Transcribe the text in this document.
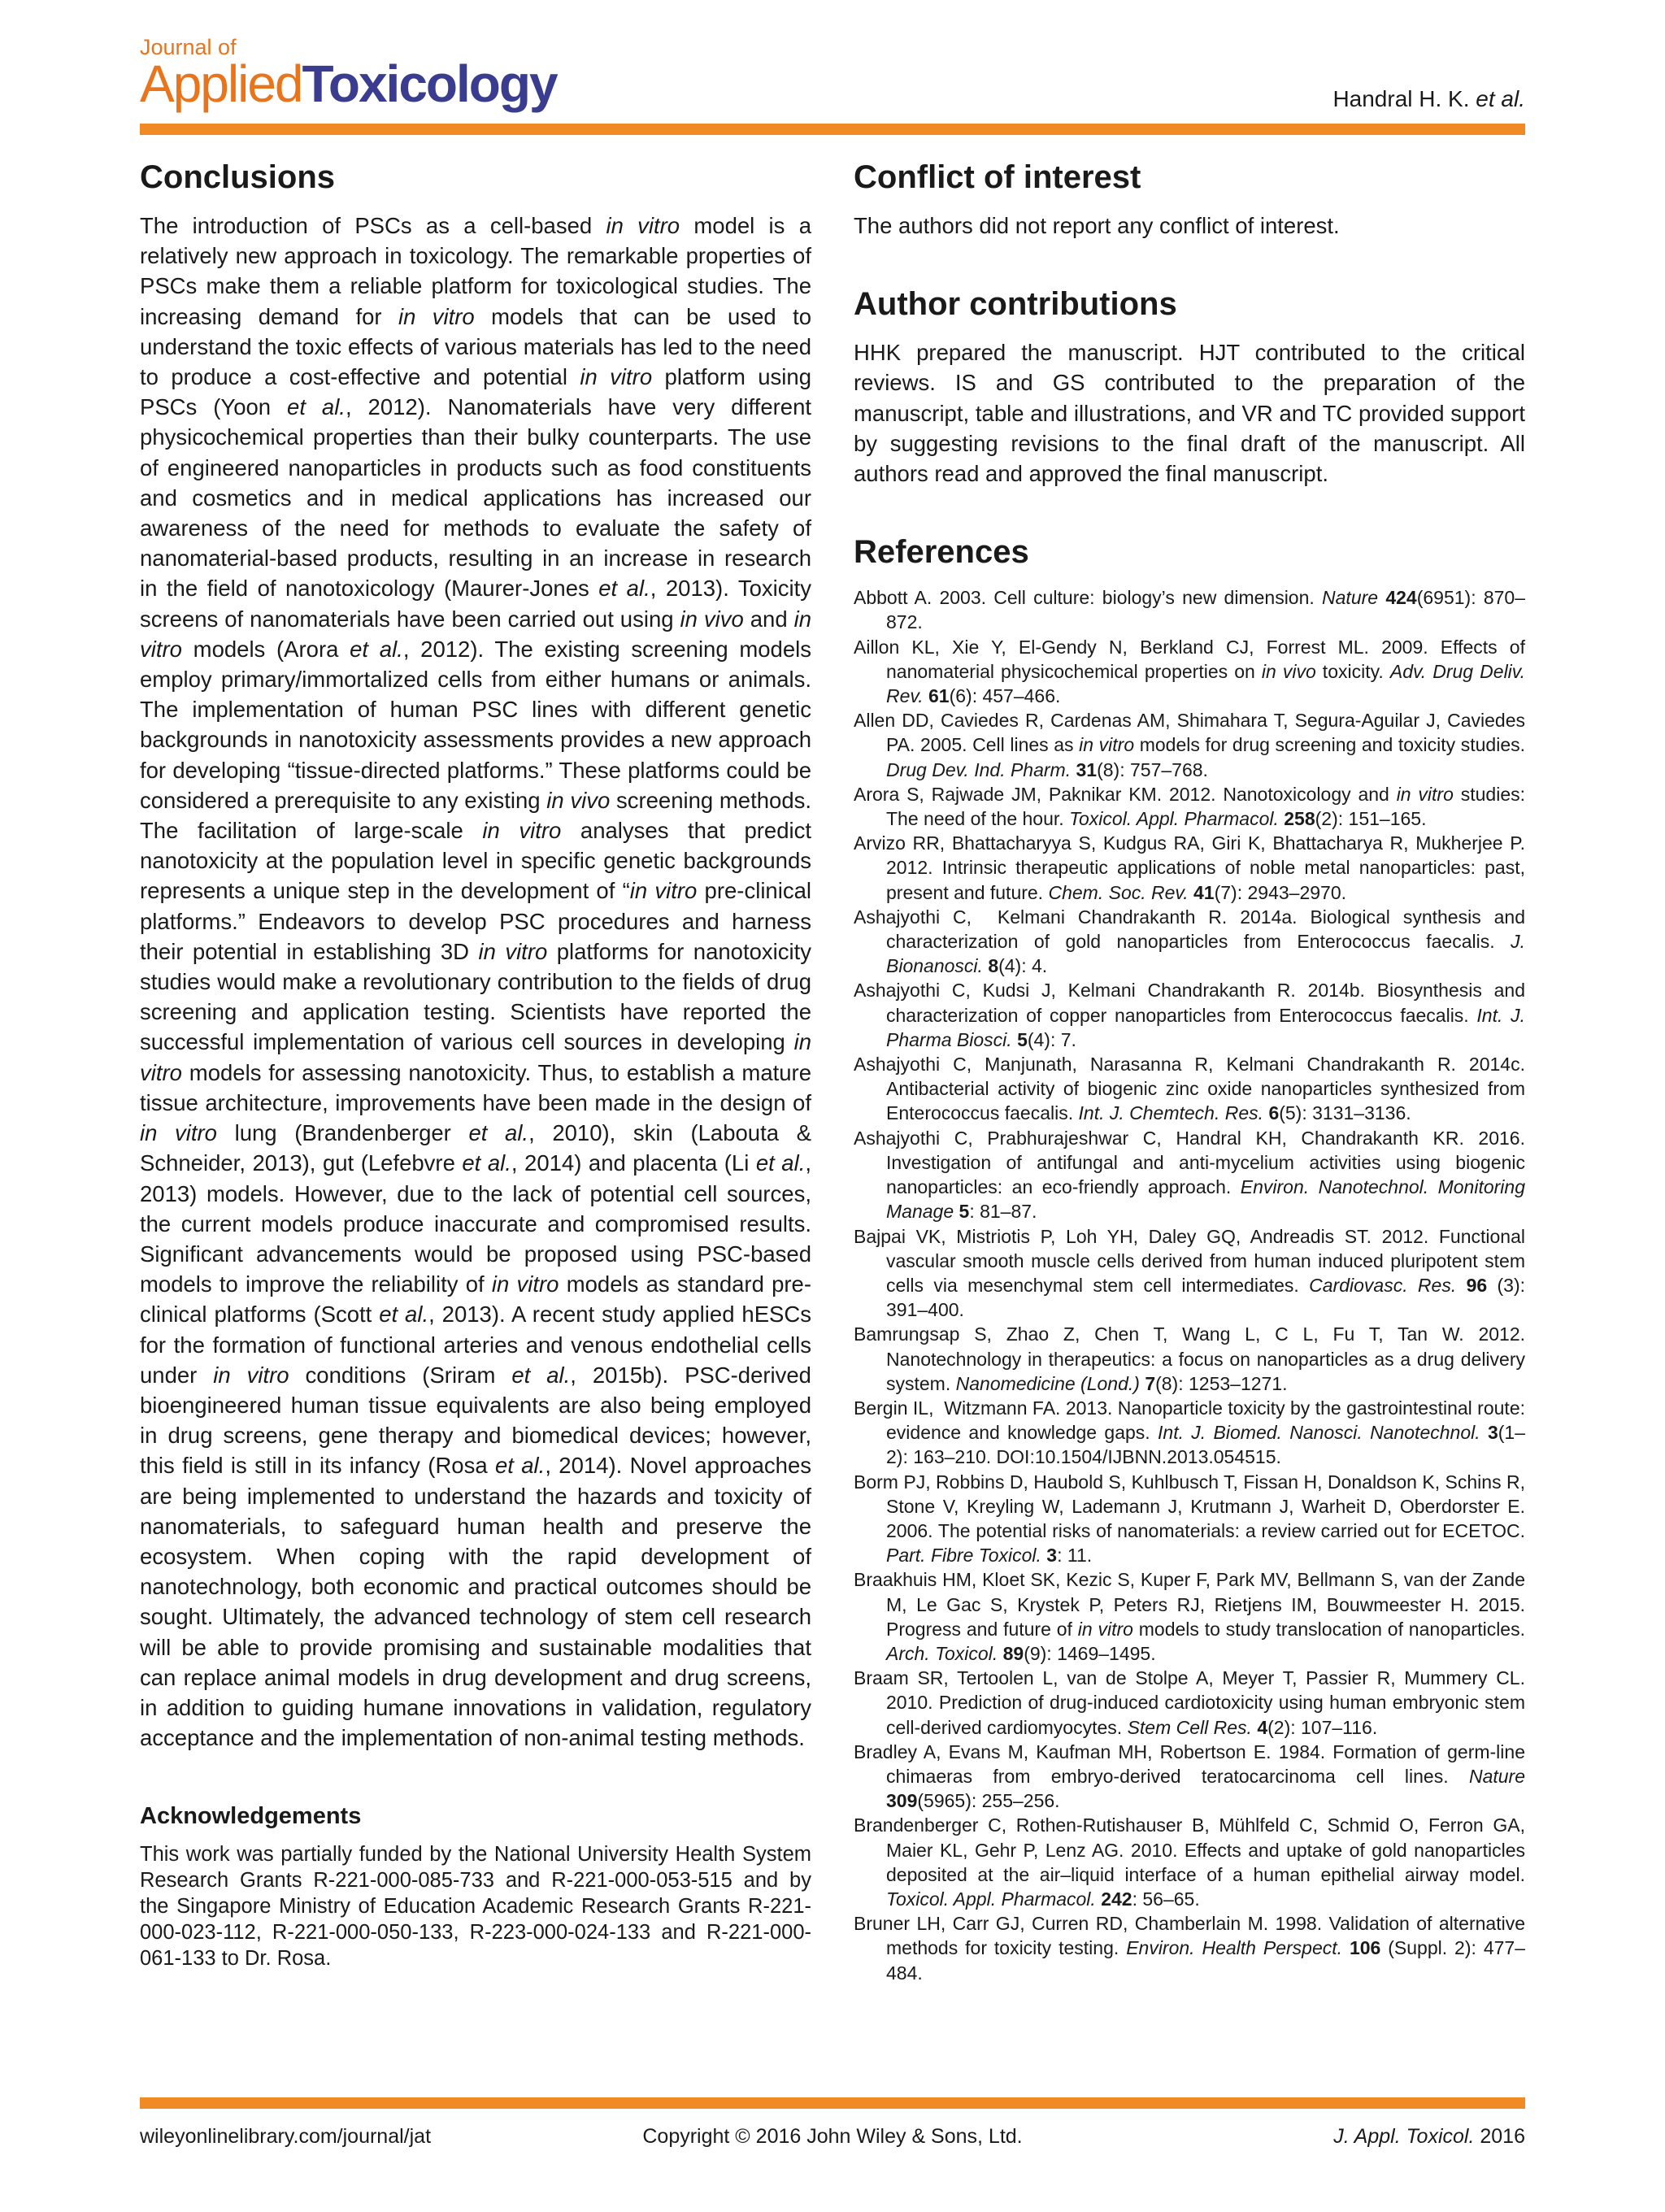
Journal of
AppliedToxicology	Handral H. K. et al.
Conclusions

The introduction of PSCs as a cell-based in vitro model is a relatively new approach in toxicology. The remarkable properties of PSCs make them a reliable platform for toxicological studies. The increasing demand for in vitro models that can be used to understand the toxic effects of various materials has led to the need to produce a cost-effective and potential in vitro platform using PSCs (Yoon et al., 2012). Nanomaterials have very different physicochemical properties than their bulky counterparts. The use of engineered nanoparticles in products such as food constituents and cosmetics and in medical applications has increased our awareness of the need for methods to evaluate the safety of nanomaterial-based products, resulting in an increase in research in the field of nanotoxicology (Maurer-Jones et al., 2013). Toxicity screens of nanomaterials have been carried out using in vivo and in vitro models (Arora et al., 2012). The existing screening models employ primary/immortalized cells from either humans or animals. The implementation of human PSC lines with different genetic backgrounds in nanotoxicity assessments provides a new approach for developing “tissue-directed platforms.” These platforms could be considered a prerequisite to any existing in vivo screening methods. The facilitation of large-scale in vitro analyses that predict nanotoxicity at the population level in specific genetic backgrounds represents a unique step in the development of “in vitro pre-clinical platforms.” Endeavors to develop PSC procedures and harness their potential in establishing 3D in vitro platforms for nanotoxicity studies would make a revolutionary contribution to the fields of drug screening and application testing. Scientists have reported the successful implementation of various cell sources in developing in vitro models for assessing nanotoxicity. Thus, to establish a mature tissue architecture, improvements have been made in the design of in vitro lung (Brandenberger et al., 2010), skin (Labouta & Schneider, 2013), gut (Lefebvre et al., 2014) and placenta (Li et al., 2013) models. However, due to the lack of potential cell sources, the current models produce inaccurate and compromised results. Significant advancements would be proposed using PSC-based models to improve the reliability of in vitro models as standard pre-clinical platforms (Scott et al., 2013). A recent study applied hESCs for the formation of functional arteries and venous endothelial cells under in vitro conditions (Sriram et al., 2015b). PSC-derived bioengineered human tissue equivalents are also being employed in drug screens, gene therapy and biomedical devices; however, this field is still in its infancy (Rosa et al., 2014). Novel approaches are being implemented to understand the hazards and toxicity of nanomaterials, to safeguard human health and preserve the ecosystem. When coping with the rapid development of nanotechnology, both economic and practical outcomes should be sought. Ultimately, the advanced technology of stem cell research will be able to provide promising and sustainable modalities that can replace animal models in drug development and drug screens, in addition to guiding humane innovations in validation, regulatory acceptance and the implementation of non-animal testing methods.

Acknowledgements

This work was partially funded by the National University Health System Research Grants R-221-000-085-733 and R-221-000-053-515 and by the Singapore Ministry of Education Academic Research Grants R-221-000-023-112, R-221-000-050-133, R-223-000-024-133 and R-221-000-061-133 to Dr. Rosa.

Conflict of interest

The authors did not report any conflict of interest.

Author contributions

HHK prepared the manuscript. HJT contributed to the critical reviews. IS and GS contributed to the preparation of the manuscript, table and illustrations, and VR and TC provided support by suggesting revisions to the final draft of the manuscript. All authors read and approved the final manuscript.

References
Abbott A. 2003. Cell culture: biology’s new dimension. Nature 424(6951): 870–872.
Aillon KL, Xie Y, El-Gendy N, Berkland CJ, Forrest ML. 2009. Effects of nanomaterial physicochemical properties on in vivo toxicity. Adv. Drug Deliv. Rev. 61(6): 457–466.
Allen DD, Caviedes R, Cardenas AM, Shimahara T, Segura-Aguilar J, Caviedes PA. 2005. Cell lines as in vitro models for drug screening and toxicity studies. Drug Dev. Ind. Pharm. 31(8): 757–768.
Arora S, Rajwade JM, Paknikar KM. 2012. Nanotoxicology and in vitro studies: The need of the hour. Toxicol. Appl. Pharmacol. 258(2): 151–165.
Arvizo RR, Bhattacharyya S, Kudgus RA, Giri K, Bhattacharya R, Mukherjee P. 2012. Intrinsic therapeutic applications of noble metal nanoparticles: past, present and future. Chem. Soc. Rev. 41(7): 2943–2970.
Ashajyothi C,  Kelmani Chandrakanth R. 2014a. Biological synthesis and characterization of gold nanoparticles from Enterococcus faecalis. J. Bionanosci. 8(4): 4.
Ashajyothi C, Kudsi J, Kelmani Chandrakanth R. 2014b. Biosynthesis and characterization of copper nanoparticles from Enterococcus faecalis. Int. J. Pharma Biosci. 5(4): 7.
Ashajyothi C, Manjunath, Narasanna R, Kelmani Chandrakanth R. 2014c. Antibacterial activity of biogenic zinc oxide nanoparticles synthesized from Enterococcus faecalis. Int. J. Chemtech. Res. 6(5): 3131–3136.
Ashajyothi C, Prabhurajeshwar C, Handral KH, Chandrakanth KR. 2016. Investigation of antifungal and anti-mycelium activities using biogenic nanoparticles: an eco-friendly approach. Environ. Nanotechnol. Monitoring Manage 5: 81–87.
Bajpai VK, Mistriotis P, Loh YH, Daley GQ, Andreadis ST. 2012. Functional vascular smooth muscle cells derived from human induced pluripotent stem cells via mesenchymal stem cell intermediates. Cardiovasc. Res. 96 (3): 391–400.
Bamrungsap S, Zhao Z, Chen T, Wang L, C L, Fu T, Tan W. 2012. Nanotechnology in therapeutics: a focus on nanoparticles as a drug delivery system. Nanomedicine (Lond.) 7(8): 1253–1271.
Bergin IL,  Witzmann FA. 2013. Nanoparticle toxicity by the gastrointestinal route: evidence and knowledge gaps. Int. J. Biomed. Nanosci. Nanotechnol. 3(1–2): 163–210. DOI:10.1504/IJBNN.2013.054515.
Borm PJ, Robbins D, Haubold S, Kuhlbusch T, Fissan H, Donaldson K, Schins R, Stone V, Kreyling W, Lademann J, Krutmann J, Warheit D, Oberdorster E. 2006. The potential risks of nanomaterials: a review carried out for ECETOC. Part. Fibre Toxicol. 3: 11.
Braakhuis HM, Kloet SK, Kezic S, Kuper F, Park MV, Bellmann S, van der Zande M, Le Gac S, Krystek P, Peters RJ, Rietjens IM, Bouwmeester H. 2015. Progress and future of in vitro models to study translocation of nanoparticles. Arch. Toxicol. 89(9): 1469–1495.
Braam SR, Tertoolen L, van de Stolpe A, Meyer T, Passier R, Mummery CL. 2010. Prediction of drug-induced cardiotoxicity using human embryonic stem cell-derived cardiomyocytes. Stem Cell Res. 4(2): 107–116.
Bradley A, Evans M, Kaufman MH, Robertson E. 1984. Formation of germ-line chimaeras from embryo-derived teratocarcinoma cell lines. Nature 309(5965): 255–256.
Brandenberger C, Rothen-Rutishauser B, Mühlfeld C, Schmid O, Ferron GA, Maier KL, Gehr P, Lenz AG. 2010. Effects and uptake of gold nanoparticles deposited at the air–liquid interface of a human epithelial airway model. Toxicol. Appl. Pharmacol. 242: 56–65.
Bruner LH, Carr GJ, Curren RD, Chamberlain M. 1998. Validation of alternative methods for toxicity testing. Environ. Health Perspect. 106 (Suppl. 2): 477–484.
wileyonlinelibrary.com/journal/jat	Copyright © 2016 John Wiley & Sons, Ltd.	J. Appl. Toxicol. 2016
